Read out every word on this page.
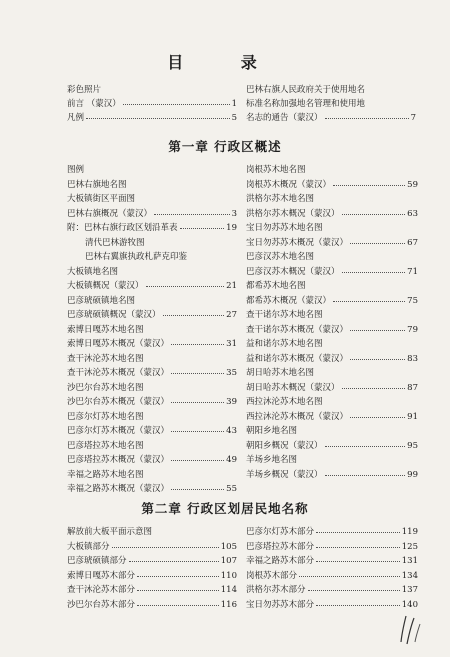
目 录
彩色照片
前言 （蒙汉）	1
凡例	5
巴林右旗人民政府关于使用地名
标准名称加强地名管理和使用地
名志的通告（蒙汉）	7
第一章 行政区概述
图例
巴林右旗地名图
大板镇街区平面图
巴林右旗概况（蒙汉）	3
附：巴林右旗行政区划沿革表	19
清代巴林游牧图
巴林右翼旗执政札萨克印鉴
大板镇地名图
大板镇概况（蒙汉）	21
巴彦琥硕镇地名图
巴彦琥硕镇概况（蒙汉）	27
索博日嘎苏木地名图
索博日嘎苏木概况（蒙汉）	31
查干沐沦苏木地名图
查干沐沦苏木概况（蒙汉）	35
沙巴尔台苏木地名图
沙巴尔台苏木概况（蒙汉）	39
巴彦尔灯苏木地名图
巴彦尔灯苏木概况（蒙汉）	43
巴彦塔拉苏木地名图
巴彦塔拉苏木概况（蒙汉）	49
幸福之路苏木地名图
幸福之路苏木概况（蒙汉）	55
岗根苏木地名图
岗根苏木概况（蒙汉）	59
洪格尔苏木地名图
洪格尔苏木概况（蒙汉）	63
宝日勿苏苏木地名图
宝日勿苏苏木概况（蒙汉）	67
巴彦汉苏木地名图
巴彦汉苏木概况（蒙汉）	71
都希苏木地名图
都希苏木概况（蒙汉）	75
查干诺尔苏木地名图
查干诺尔苏木概况（蒙汉）	79
益和诺尔苏木地名图
益和诺尔苏木概况（蒙汉）	83
胡日哈苏木地名图
胡日哈苏木概况（蒙汉）	87
西拉沐沦苏木地名图
西拉沐沦苏木概况（蒙汉）	91
朝阳乡地名图
朝阳乡概况（蒙汉）	95
羊场乡地名图
羊场乡概况（蒙汉）	99
第二章 行政区划居民地名称
解放前大板平面示意图
大板镇部分	105
巴彦琥硕镇部分	107
索博日嘎苏木部分	110
查干沐沦苏木部分	114
沙巴尔台苏木部分	116
巴彦尔灯苏木部分	119
巴彦塔拉苏木部分	125
幸福之路苏木部分	131
岗根苏木部分	134
洪格尔苏木部分	137
宝日勿苏苏木部分	140
